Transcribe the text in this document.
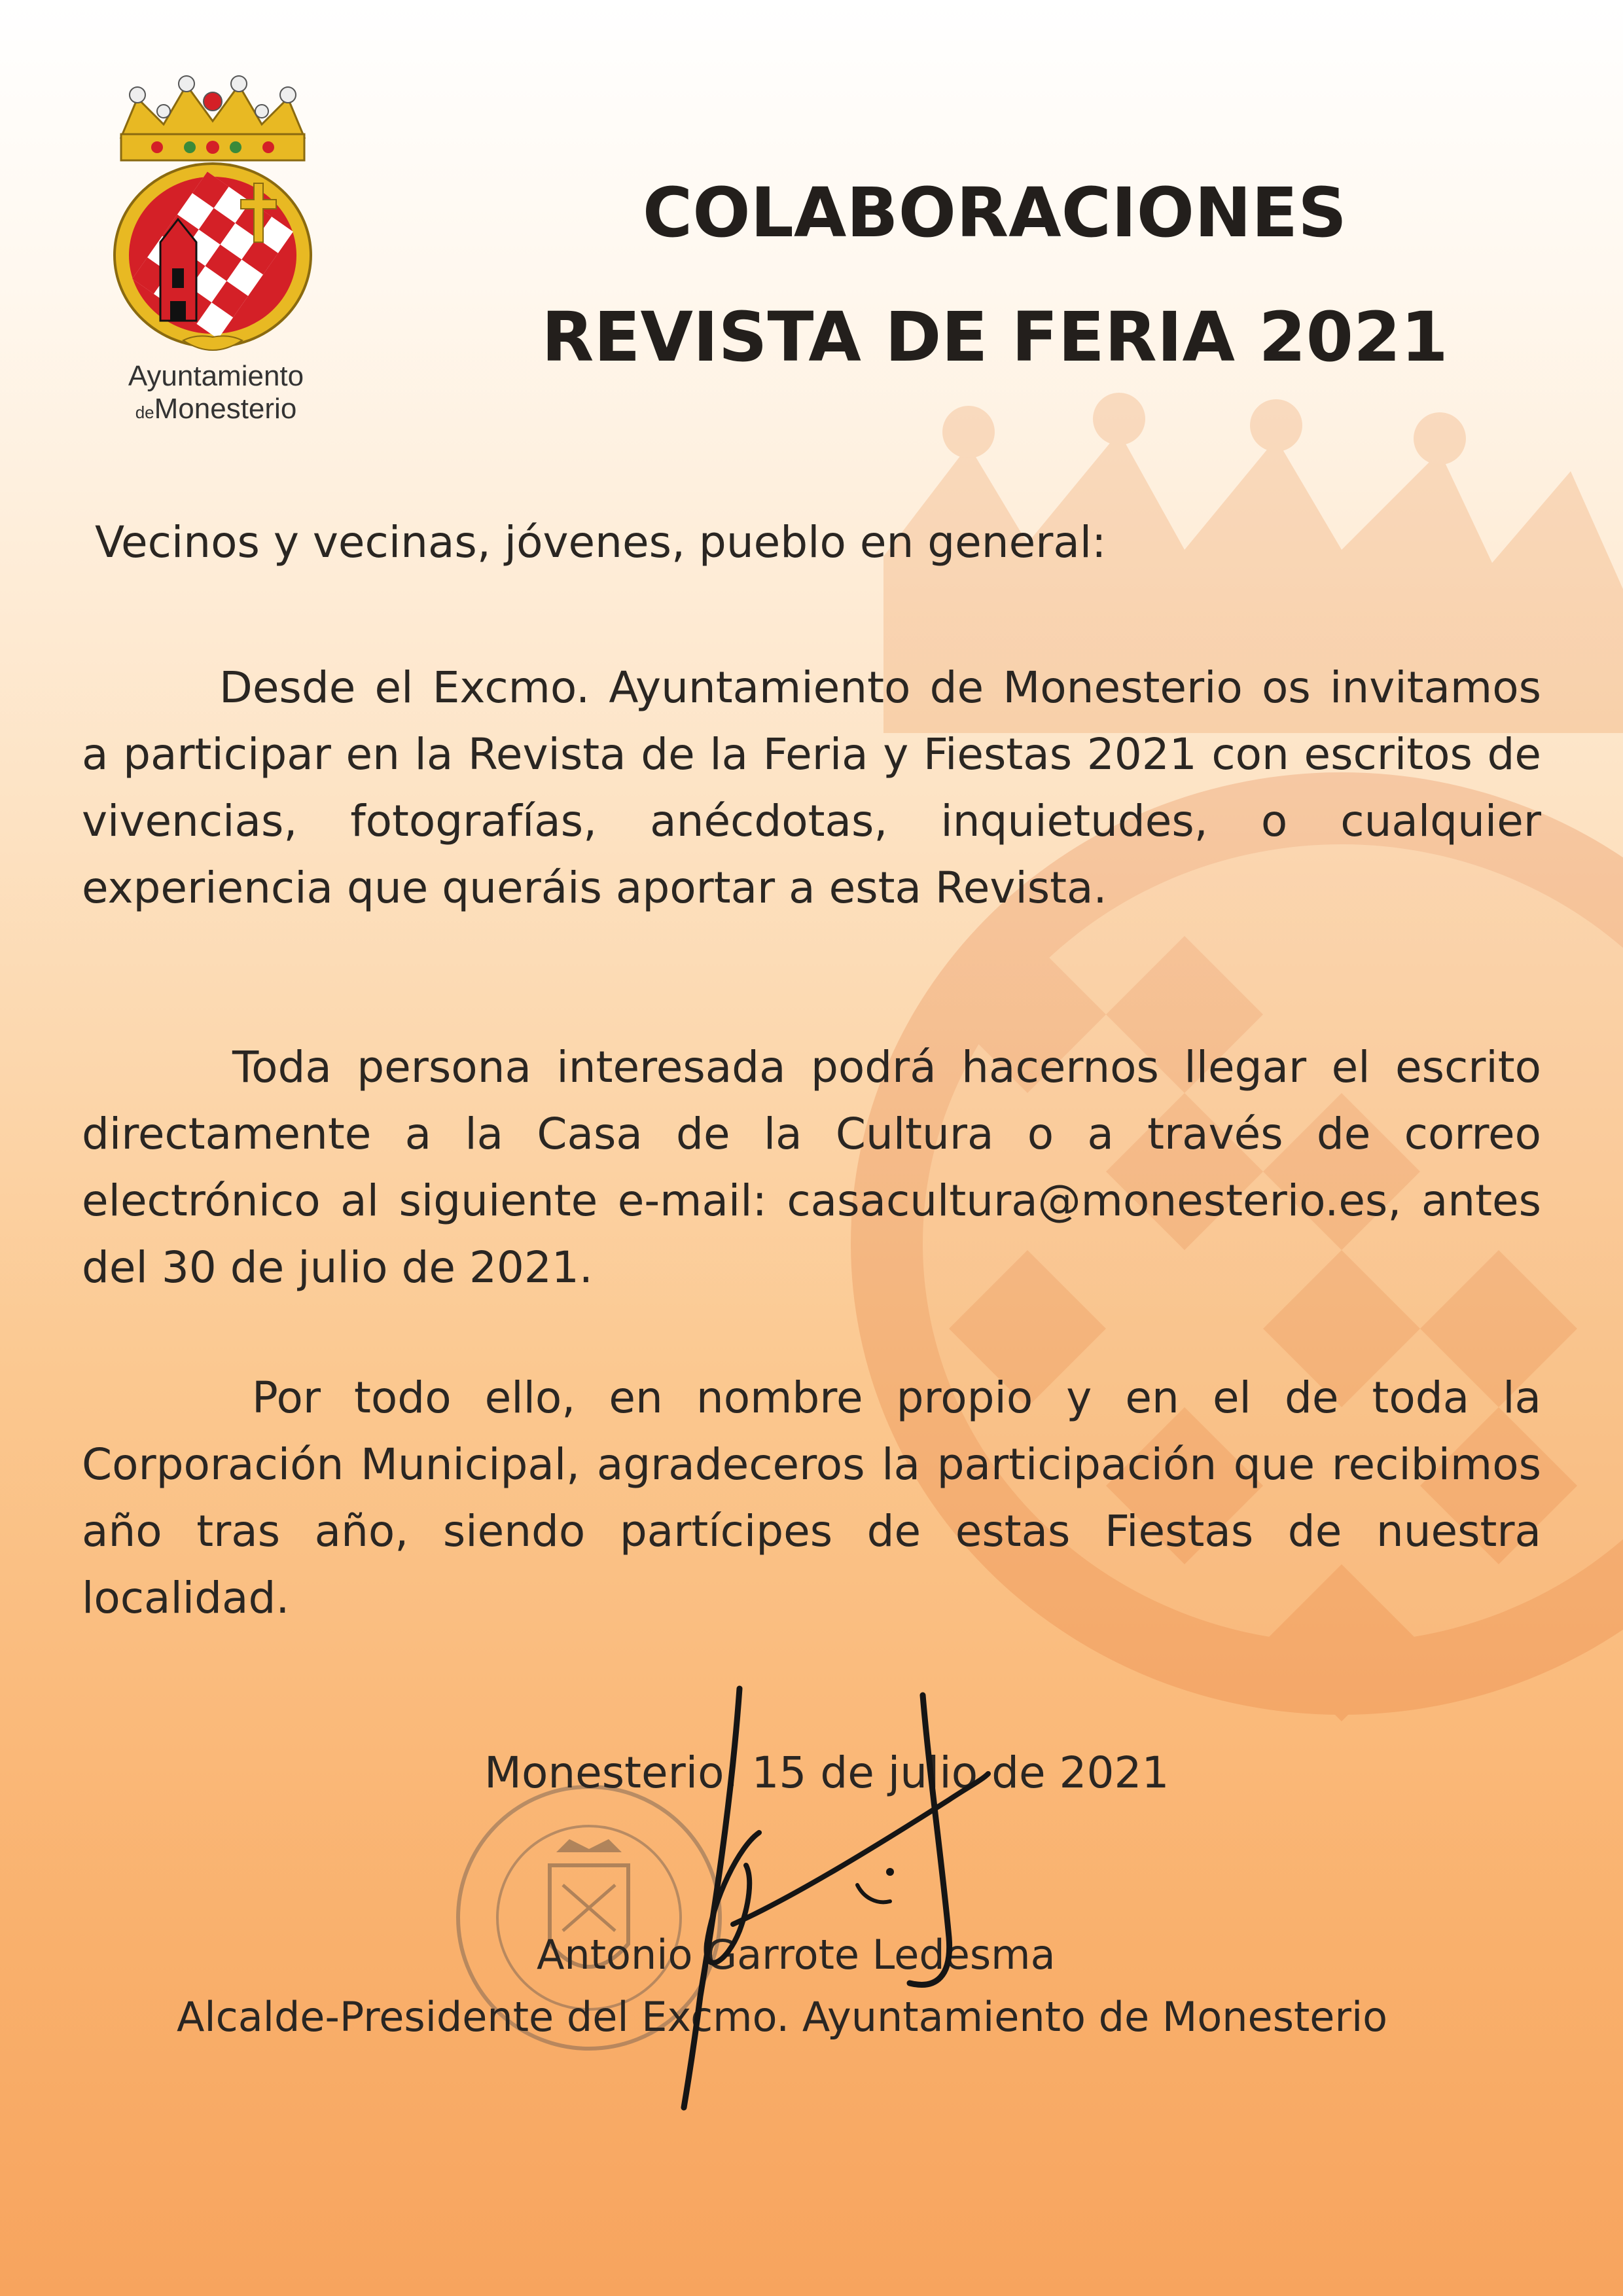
Ayuntamiento
deMonesterio
COLABORACIONES
REVISTA DE FERIA 2021
Vecinos y vecinas, jóvenes, pueblo en general:

Desde el Excmo. Ayuntamiento de Monesterio os invitamos a participar en la Revista de la Feria y Fiestas 2021 con escritos de vivencias, fotografías, anécdotas, inquietudes, o cualquier experiencia que queráis aportar a esta Revista.

Toda persona interesada podrá hacernos llegar el escrito directamente a la Casa de la Cultura o a través de correo electrónico al siguiente e-mail: casacultura@monesterio.es, antes del 30 de julio de 2021.

Por todo ello, en nombre propio y en el de toda la Corporación Municipal, agradeceros la participación que recibimos año tras año, siendo partícipes de estas Fiestas de nuestra localidad.

Monesterio, 15 de julio de 2021
Antonio Garrote Ledesma
Alcalde-Presidente del Excmo. Ayuntamiento de Monesterio
